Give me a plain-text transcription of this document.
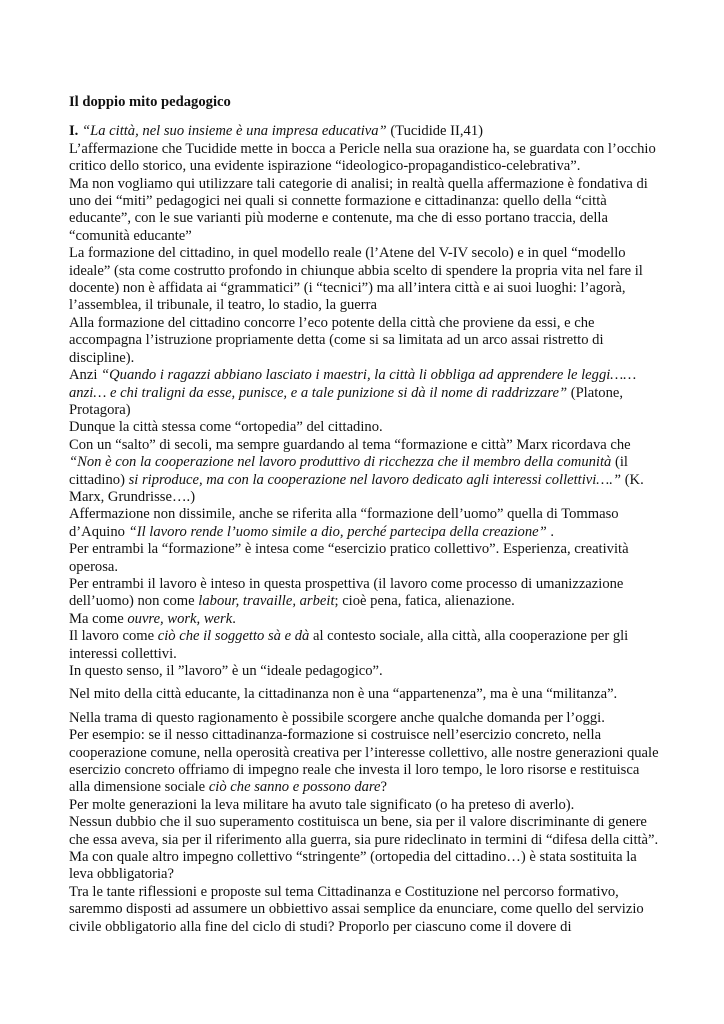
Il doppio mito pedagogico

I. “La città, nel suo insieme è una impresa educativa” (Tucidide II,41)

L’affermazione che Tucidide mette in bocca a Pericle nella sua orazione ha, se guardata con l’occhio critico dello storico, una evidente ispirazione “ideologico-propagandistico-celebrativa”.

Ma non vogliamo qui utilizzare tali categorie di analisi; in realtà quella affermazione è fondativa di uno dei “miti” pedagogici nei quali si connette formazione e cittadinanza: quello della “città educante”, con le sue varianti più moderne e contenute, ma che di esso portano traccia, della “comunità educante”

La formazione del cittadino, in quel modello reale (l’Atene del V-IV secolo) e in quel “modello ideale” (sta come costrutto profondo in chiunque abbia scelto di spendere la propria vita nel fare il docente) non è affidata ai “grammatici” (i “tecnici”) ma all’intera città e ai suoi luoghi: l’agorà, l’assemblea, il tribunale, il teatro, lo stadio, la guerra

Alla formazione del cittadino concorre l’eco potente della città che proviene da essi, e che accompagna l’istruzione propriamente detta (come si sa limitata ad un arco assai ristretto di discipline).

Anzi “Quando i ragazzi abbiano lasciato i maestri, la città li obbliga ad apprendere le leggi…… anzi… e chi traligni da esse, punisce, e a tale punizione si dà il nome di raddrizzare” (Platone, Protagora)

Dunque la città stessa come “ortopedia” del cittadino.

Con un “salto” di secoli, ma sempre guardando al tema “formazione e città” Marx ricordava che “Non è con la cooperazione nel lavoro produttivo di ricchezza che il membro della comunità (il cittadino) si riproduce, ma con la cooperazione nel lavoro dedicato agli interessi collettivi….” (K. Marx, Grundrisse….)

Affermazione non dissimile, anche se riferita alla “formazione dell’uomo” quella di Tommaso d’Aquino “Il lavoro rende l’uomo simile a dio, perché partecipa della creazione” .

Per entrambi la “formazione” è intesa come “esercizio pratico collettivo”. Esperienza, creatività operosa.

Per entrambi il lavoro è inteso in questa prospettiva (il lavoro come processo di umanizzazione dell’uomo) non come labour, travaille, arbeit; cioè pena, fatica, alienazione.

Ma come ouvre, work, werk.

Il lavoro come ciò che il soggetto sà e dà al contesto sociale, alla città, alla cooperazione per gli interessi collettivi.

In questo senso, il ”lavoro” è un “ideale pedagogico”.

Nel mito della città educante, la cittadinanza non è una “appartenenza”, ma è una “militanza”.

Nella trama di questo ragionamento è possibile scorgere anche qualche domanda per l’oggi.

Per esempio: se il nesso cittadinanza-formazione si costruisce nell’esercizio concreto, nella cooperazione comune, nella operosità creativa per l’interesse collettivo, alle nostre generazioni quale esercizio concreto offriamo di impegno reale che investa il loro tempo, le loro risorse e restituisca alla dimensione sociale ciò che sanno e possono dare?

Per molte generazioni la leva militare ha avuto tale significato (o ha preteso di averlo).

Nessun dubbio che il suo superamento costituisca un bene, sia per il valore discriminante di genere che essa aveva, sia per il riferimento alla guerra, sia pure rideclinato in termini di “difesa della città”.

Ma con quale altro impegno collettivo “stringente” (ortopedia del cittadino…) è stata sostituita la leva obbligatoria?

Tra le tante riflessioni e proposte sul tema Cittadinanza e Costituzione nel percorso formativo, saremmo disposti ad assumere un obbiettivo assai semplice da enunciare, come quello del servizio civile obbligatorio alla fine del ciclo di studi? Proporlo per ciascuno come il dovere di
